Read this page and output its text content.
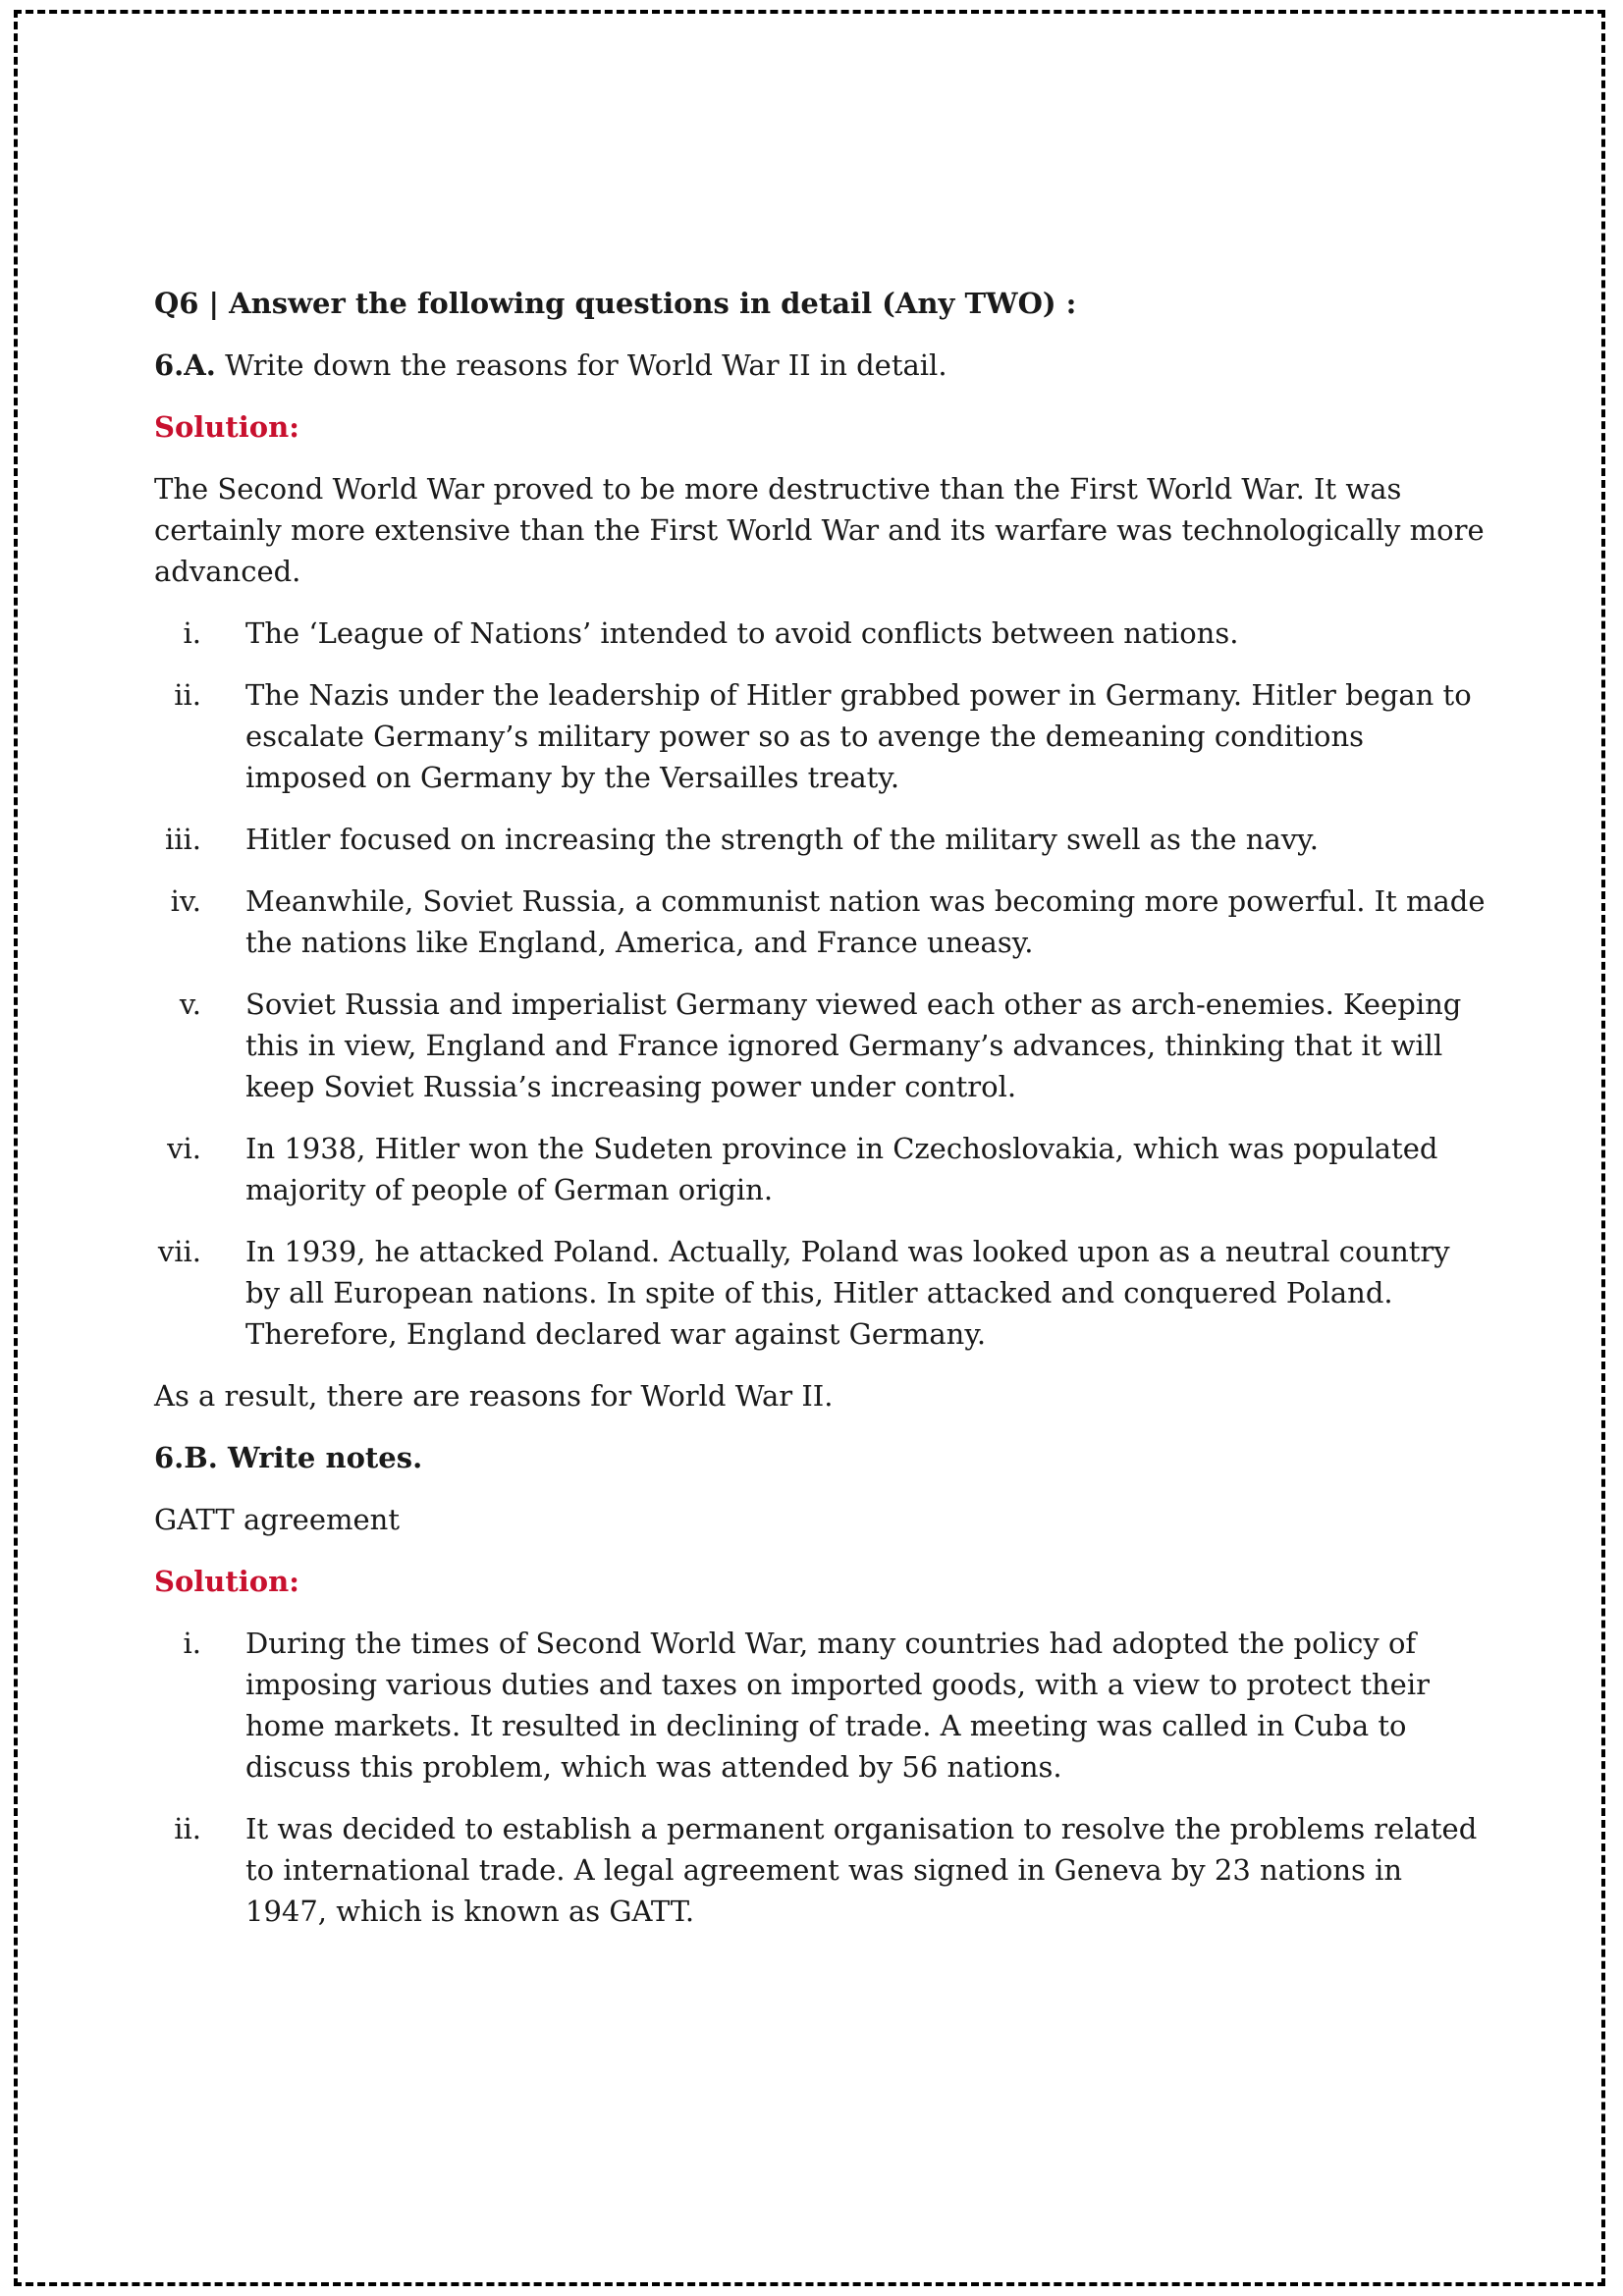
Q6 | Answer the following questions in detail (Any TWO) :
6.A. Write down the reasons for World War II in detail.
Solution:
The Second World War proved to be more destructive than the First World War. It was certainly more extensive than the First World War and its warfare was technologically more advanced.
i. The ‘League of Nations’ intended to avoid conflicts between nations.
ii. The Nazis under the leadership of Hitler grabbed power in Germany. Hitler began to escalate Germany’s military power so as to avenge the demeaning conditions imposed on Germany by the Versailles treaty.
iii. Hitler focused on increasing the strength of the military swell as the navy.
iv. Meanwhile, Soviet Russia, a communist nation was becoming more powerful. It made the nations like England, America, and France uneasy.
v. Soviet Russia and imperialist Germany viewed each other as arch-enemies. Keeping this in view, England and France ignored Germany’s advances, thinking that it will keep Soviet Russia’s increasing power under control.
vi. In 1938, Hitler won the Sudeten province in Czechoslovakia, which was populated majority of people of German origin.
vii. In 1939, he attacked Poland. Actually, Poland was looked upon as a neutral country by all European nations. In spite of this, Hitler attacked and conquered Poland. Therefore, England declared war against Germany.
As a result, there are reasons for World War II.
6.B. Write notes.
GATT agreement
Solution:
i. During the times of Second World War, many countries had adopted the policy of imposing various duties and taxes on imported goods, with a view to protect their home markets. It resulted in declining of trade. A meeting was called in Cuba to discuss this problem, which was attended by 56 nations.
ii. It was decided to establish a permanent organisation to resolve the problems related to international trade. A legal agreement was signed in Geneva by 23 nations in 1947, which is known as GATT.
